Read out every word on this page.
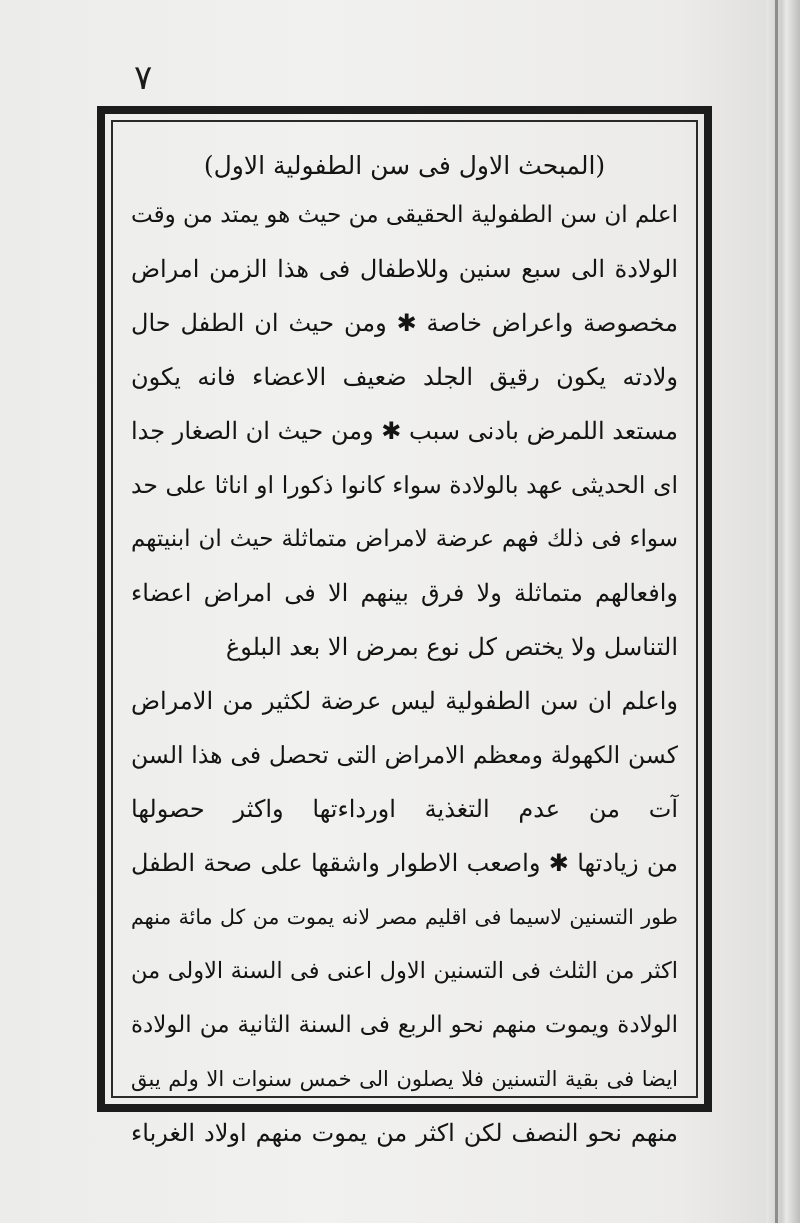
٧
(المبحث الاول فى سن الطفولية الاول)
اعلم ان سن الطفولية الحقيقى من حيث هو يمتد من وقت
الولادة الى سبع سنين وللاطفال فى هذا الزمن امراض
مخصوصة واعراض خاصة ✱ ومن حيث ان الطفل حال
ولادته يكون رقيق الجلد ضعيف الاعضاء فانه يكون
مستعد اللمرض بادنى سبب ✱ ومن حيث ان الصغار جدا
اى الحديثى عهد بالولادة سواء كانوا ذكورا او اناثا على حد
سواء فى ذلك فهم عرضة لامراض متماثلة حيث ان ابنيتهم
وافعالهم متماثلة ولا فرق بينهم الا فى امراض اعضاء
التناسل ولا يختص كل نوع بمرض الا بعد البلوغ
واعلم ان سن الطفولية ليس عرضة لكثير من الامراض
كسن الكهولة ومعظم الامراض التى تحصل فى هذا السن
آت من عدم التغذية اورداءتها واكثر حصولها
من زيادتها ✱ واصعب الاطوار واشقها على صحة الطفل
طور التسنين لاسيما فى اقليم مصر لانه يموت من كل مائة منهم
اكثر من الثلث فى التسنين الاول اعنى فى السنة الاولى من
الولادة ويموت منهم نحو الربع فى السنة الثانية من الولادة
ايضا فى بقية التسنين فلا يصلون الى خمس سنوات الا ولم يبق
منهم نحو النصف لكن اكثر من يموت منهم اولاد الغرباء
